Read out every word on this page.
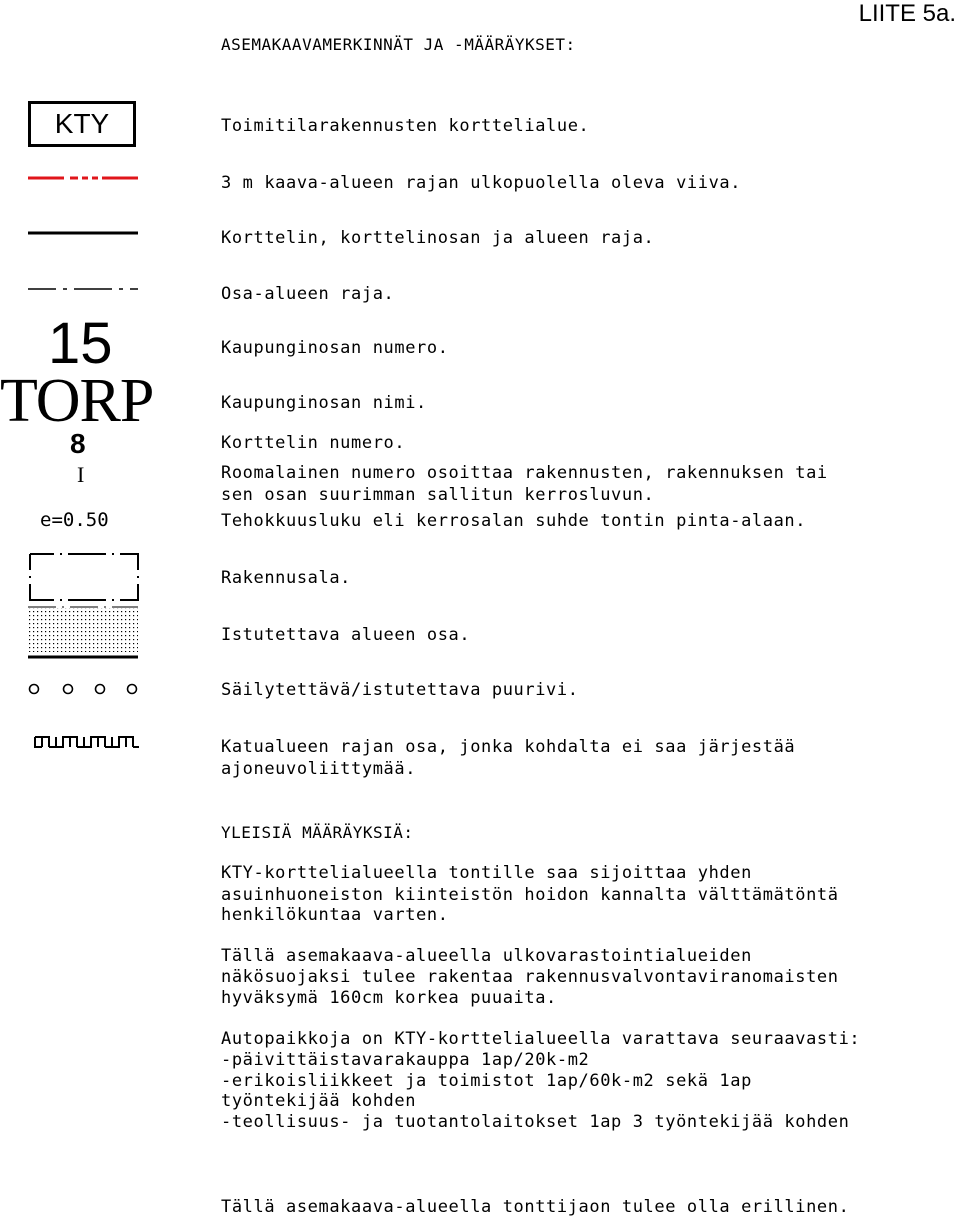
LIITE 5a.
ASEMAKAAVAMERKINNÄT JA -MÄÄRÄYKSET:
KTY	Toimitilarakennusten korttelialue.
3 m kaava-alueen rajan ulkopuolella oleva viiva.
Korttelin, korttelinosan ja alueen raja.
Osa-alueen raja.
15	Kaupunginosan numero.
TORP	Kaupunginosan nimi.
8	Korttelin numero.
I	Roomalainen numero osoittaa rakennusten, rakennuksen tai
sen osan suurimman sallitun kerrosluvun.
e=0.50	Tehokkuusluku eli kerrosalan suhde tontin pinta-alaan.
Rakennusala.
Istutettava alueen osa.
Säilytettävä/istutettava puurivi.
Katualueen rajan osa, jonka kohdalta ei saa järjestää
ajoneuvoliittymää.
YLEISIÄ MÄÄRÄYKSIÄ:
KTY-korttelialueella tontille saa sijoittaa yhden
asuinhuoneiston kiinteistön hoidon kannalta välttämätöntä
henkilökuntaa varten.
Tällä asemakaava-alueella ulkovarastointialueiden
näkösuojaksi tulee rakentaa rakennusvalvontaviranomaisten
hyväksymä 160cm korkea puuaita.
Autopaikkoja on KTY-korttelialueella varattava seuraavasti:
-päivittäistavarakauppa 1ap/20k-m2
-erikoisliikkeet ja toimistot 1ap/60k-m2 sekä 1ap
työntekijää kohden
-teollisuus- ja tuotantolaitokset 1ap 3 työntekijää kohden
Tällä asemakaava-alueella tonttijaon tulee olla erillinen.
